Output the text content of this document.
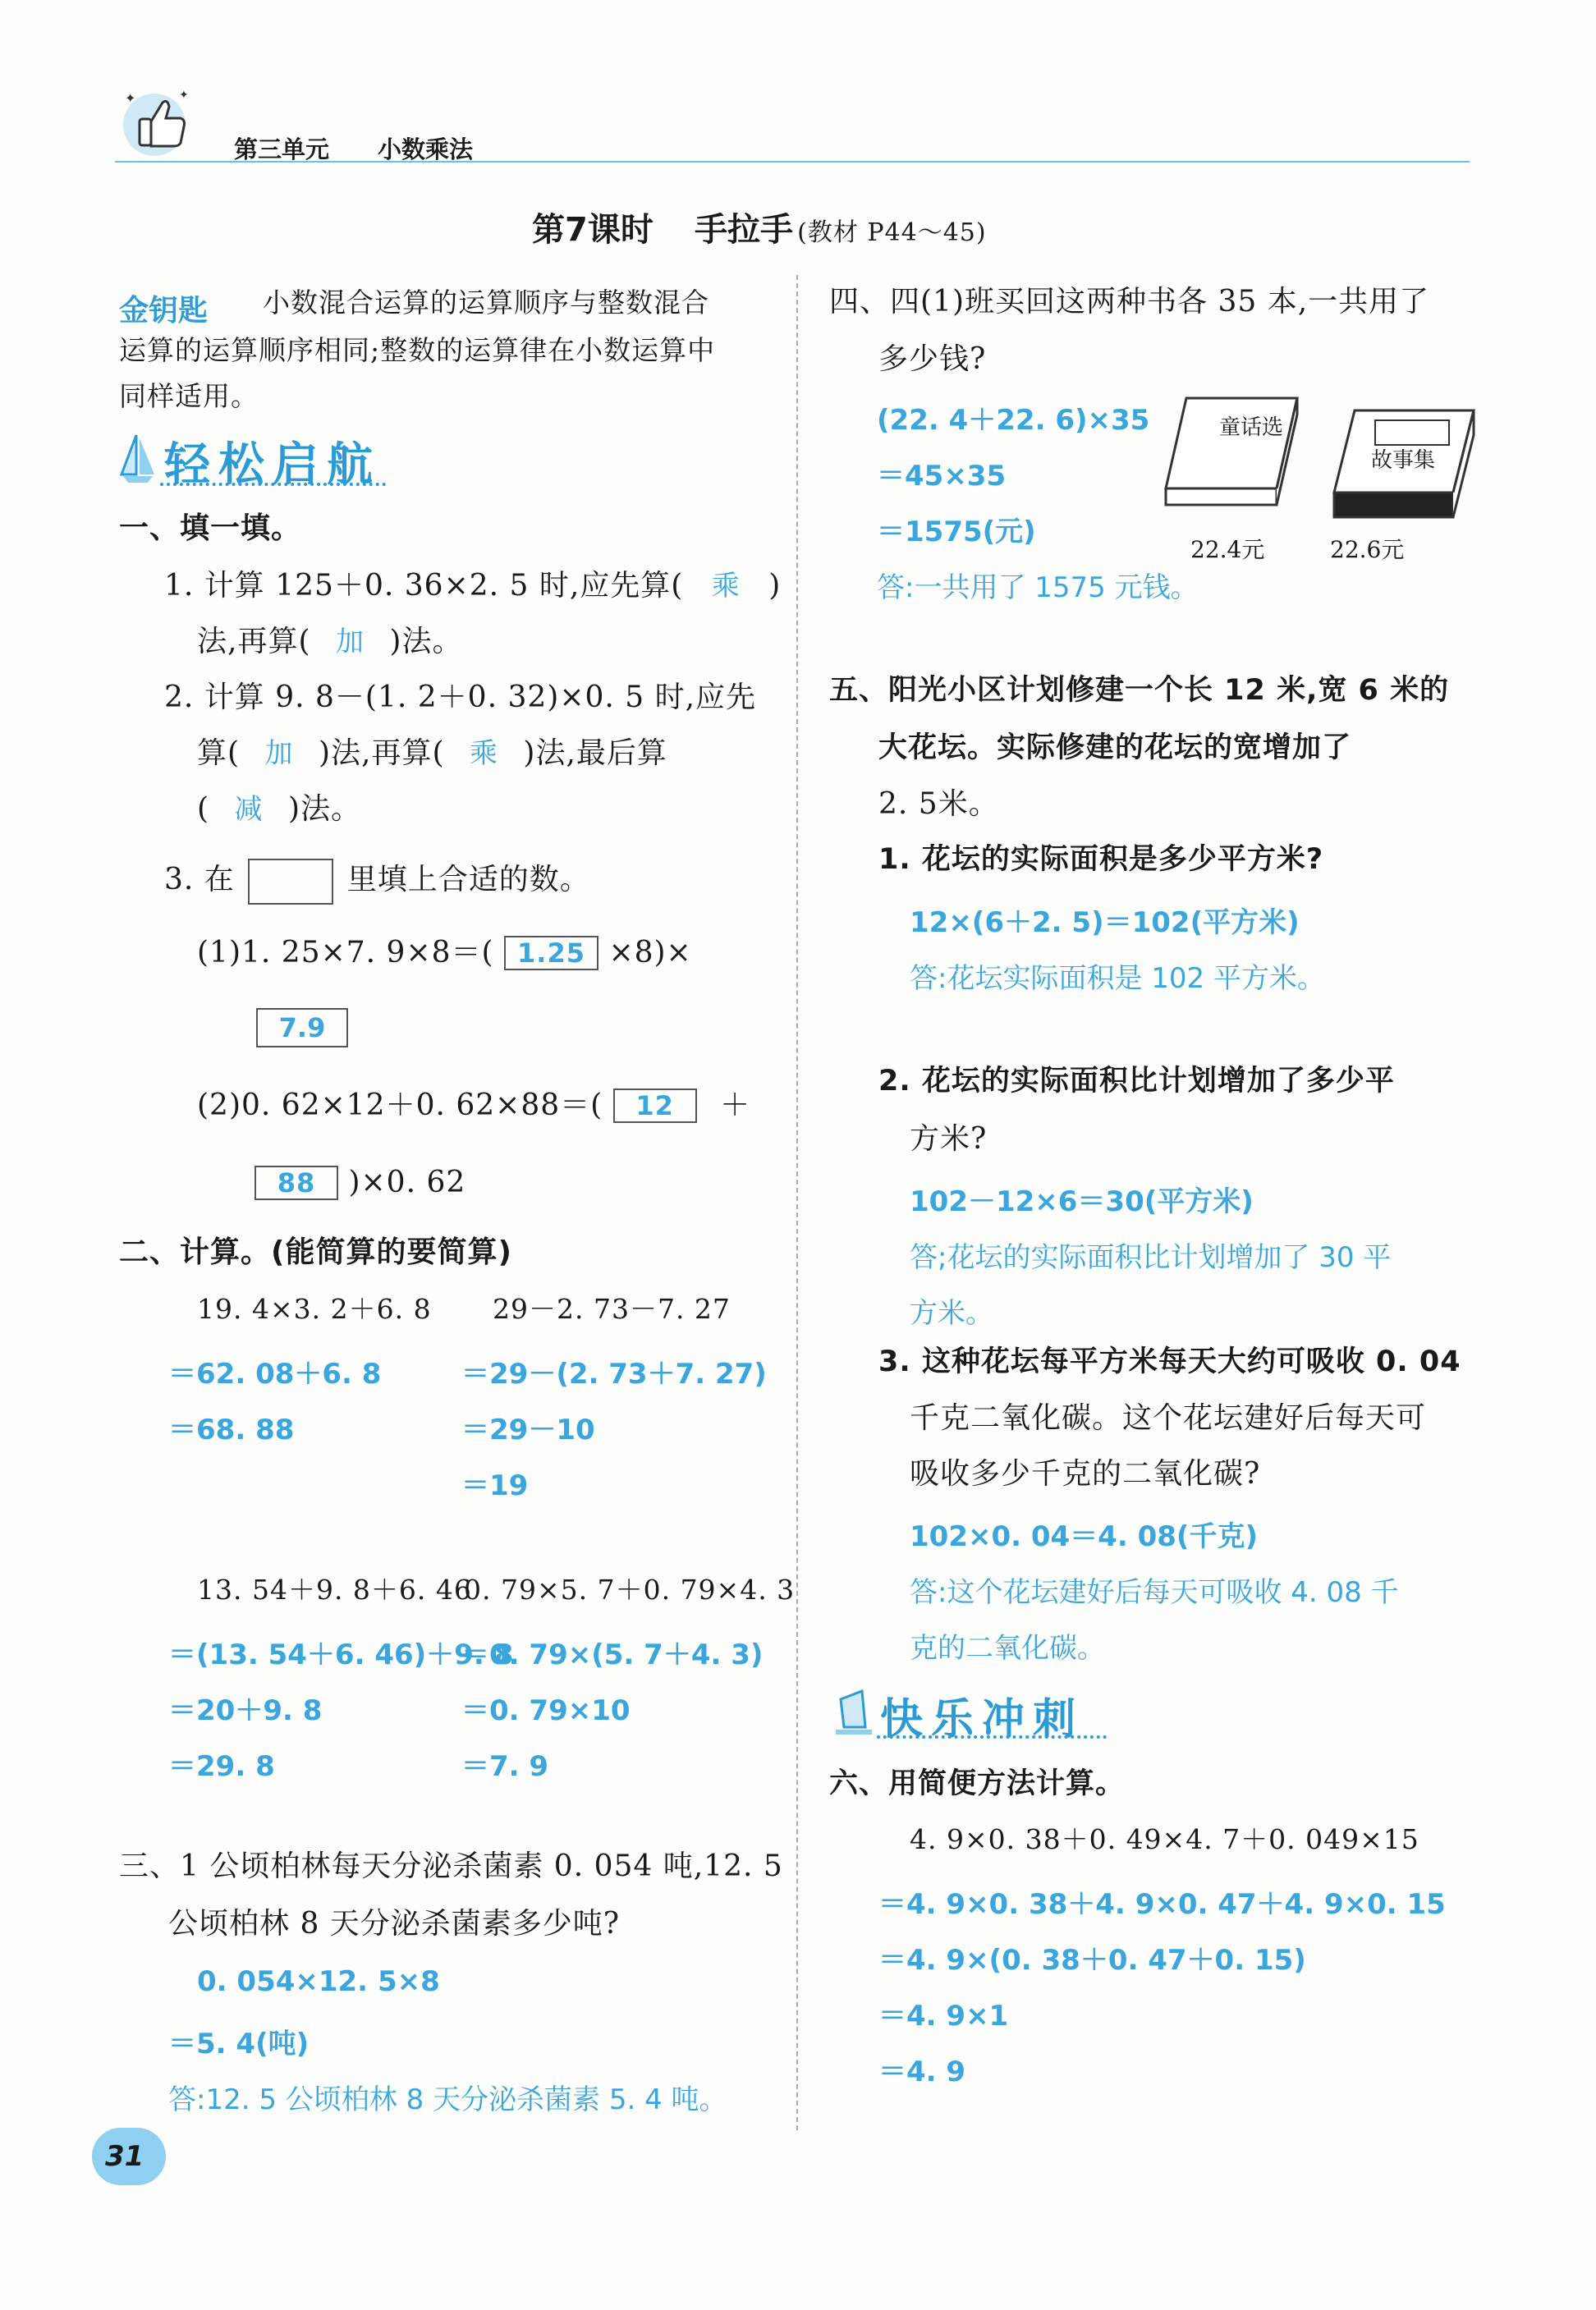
✦	✦
第三单元 小数乘法
第7课时 手拉手 (教材 P44～45)
金钥匙 小数混合运算的运算顺序与整数混合
运算的运算顺序相同;整数的运算律在小数运算中
同样适用。
轻松启航
一、填一填。
1. 计算 125＋0. 36×2. 5 时,应先算( 乘 )
法,再算( 加 )法。
2. 计算 9. 8－(1. 2＋0. 32)×0. 5 时,应先
算( 加 )法,再算( 乘 )法,最后算
( 减 )法。
3. 在	里填上合适的数。
(1)1. 25×7. 9×8＝( 1.25 ×8)×
7.9
(2)0. 62×12＋0. 62×88＝( 12 ＋
88 )×0. 62
二、计算。(能简算的要简算)
19. 4×3. 2＋6. 8
＝62. 08＋6. 8
＝68. 88
29－2. 73－7. 27
＝29－(2. 73＋7. 27)
＝29－10
＝19
13. 54＋9. 8＋6. 46
＝(13. 54＋6. 46)＋9. 8
＝20＋9. 8
＝29. 8
0. 79×5. 7＋0. 79×4. 3
＝0. 79×(5. 7＋4. 3)
＝0. 79×10
＝7. 9
三、1 公顷柏林每天分泌杀菌素 0. 054 吨,12. 5
公顷柏林 8 天分泌杀菌素多少吨?
0. 054×12. 5×8
＝5. 4(吨)
答:12. 5 公顷柏林 8 天分泌杀菌素 5. 4 吨。
四、四(1)班买回这两种书各 35 本,一共用了
多少钱?
(22. 4＋22. 6)×35
＝45×35
＝1575(元)
答:一共用了 1575 元钱。
童话选
22.4元
故事集
22.6元
五、阳光小区计划修建一个长 12 米,宽 6 米的
大花坛。实际修建的花坛的宽增加了
2. 5米。
1. 花坛的实际面积是多少平方米?
12×(6＋2. 5)＝102(平方米)
答:花坛实际面积是 102 平方米。
2. 花坛的实际面积比计划增加了多少平
方米?
102－12×6＝30(平方米)
答;花坛的实际面积比计划增加了 30 平
方米。
3. 这种花坛每平方米每天大约可吸收 0. 04
千克二氧化碳。这个花坛建好后每天可
吸收多少千克的二氧化碳?
102×0. 04＝4. 08(千克)
答:这个花坛建好后每天可吸收 4. 08 千
克的二氧化碳。
快乐冲刺
六、用简便方法计算。
4. 9×0. 38＋0. 49×4. 7＋0. 049×15
＝4. 9×0. 38＋4. 9×0. 47＋4. 9×0. 15
＝4. 9×(0. 38＋0. 47＋0. 15)
＝4. 9×1
＝4. 9
31
